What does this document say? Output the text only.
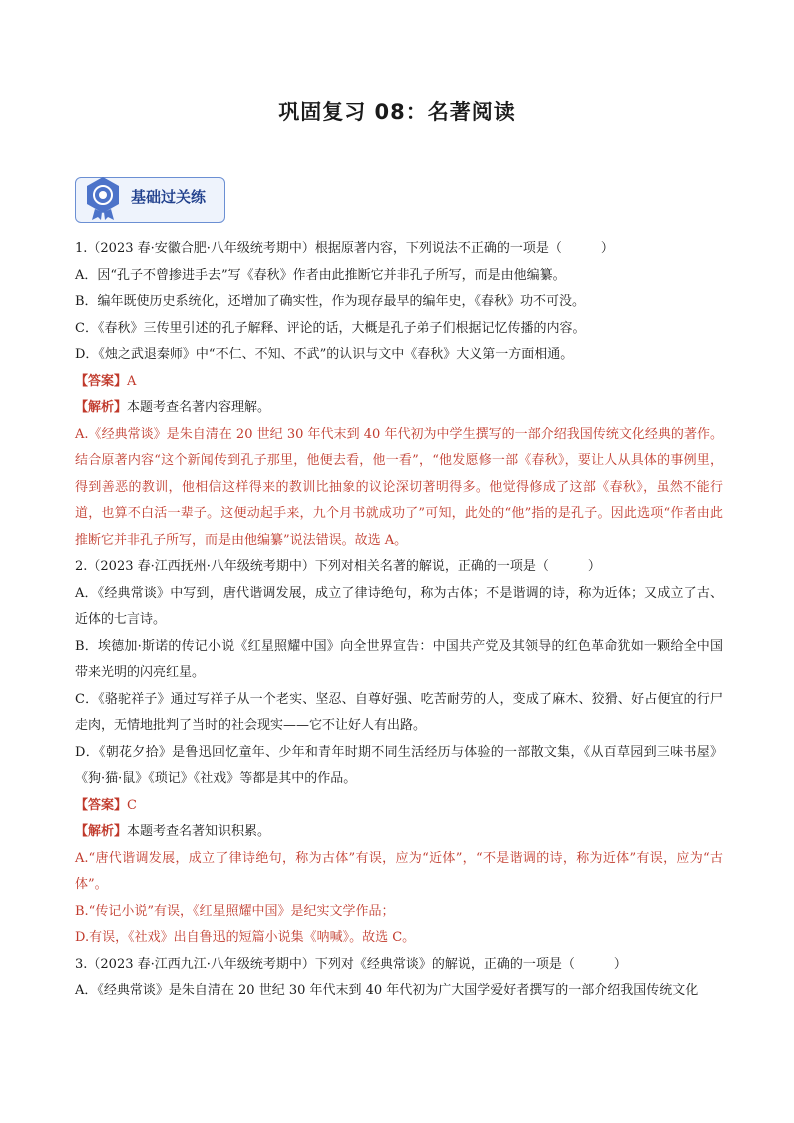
巩固复习 08：名著阅读
基础过关练
1.（2023 春·安徽合肥·八年级统考期中）根据原著内容，下列说法不正确的一项是（　　　）
A．因“孔子不曾掺进手去”写《春秋》作者由此推断它并非孔子所写，而是由他编纂。
B．编年既使历史系统化，还增加了确实性，作为现存最早的编年史，《春秋》功不可没。
C．《春秋》三传里引述的孔子解释、评论的话，大概是孔子弟子们根据记忆传播的内容。
D．《烛之武退秦师》中“不仁、不知、不武”的认识与文中《春秋》大义第一方面相通。
【答案】A
【解析】本题考查名著内容理解。
A.《经典常谈》是朱自清在 20 世纪 30 年代末到 40 年代初为中学生撰写的一部介绍我国传统文化经典的著作。结合原著内容“这个新闻传到孔子那里，他便去看，他一看”，“他发愿修一部《春秋》，要让人从具体的事例里，得到善恶的教训，他相信这样得来的教训比抽象的议论深切著明得多。他觉得修成了这部《春秋》，虽然不能行道，也算不白活一辈子。这便动起手来，九个月书就成功了”可知，此处的“他”指的是孔子。因此选项“作者由此推断它并非孔子所写，而是由他编纂”说法错误。故选 A。
2.（2023 春·江西抚州·八年级统考期中）下列对相关名著的解说，正确的一项是（　　　）
A．《经典常谈》中写到，唐代谐调发展，成立了律诗绝句，称为古体；不是谐调的诗，称为近体；又成立了古、近体的七言诗。
B．埃德加·斯诺的传记小说《红星照耀中国》向全世界宣告：中国共产党及其领导的红色革命犹如一颗给全中国带来光明的闪亮红星。
C．《骆驼祥子》通过写祥子从一个老实、坚忍、自尊好强、吃苦耐劳的人，变成了麻木、狡猾、好占便宜的行尸走肉，无情地批判了当时的社会现实——它不让好人有出路。
D．《朝花夕拾》是鲁迅回忆童年、少年和青年时期不同生活经历与体验的一部散文集，《从百草园到三味书屋》《狗·猫·鼠》《琐记》《社戏》等都是其中的作品。
【答案】C
【解析】本题考查名著知识积累。
A.“唐代谐调发展，成立了律诗绝句，称为古体”有误，应为“近体”，“不是谐调的诗，称为近体”有误，应为“古体”。
B.“传记小说”有误，《红星照耀中国》是纪实文学作品；
D.有误，《社戏》出自鲁迅的短篇小说集《呐喊》。故选 C。
3.（2023 春·江西九江·八年级统考期中）下列对《经典常谈》的解说，正确的一项是（　　　）
A．《经典常谈》是朱自清在 20 世纪 30 年代末到 40 年代初为广大国学爱好者撰写的一部介绍我国传统文化
